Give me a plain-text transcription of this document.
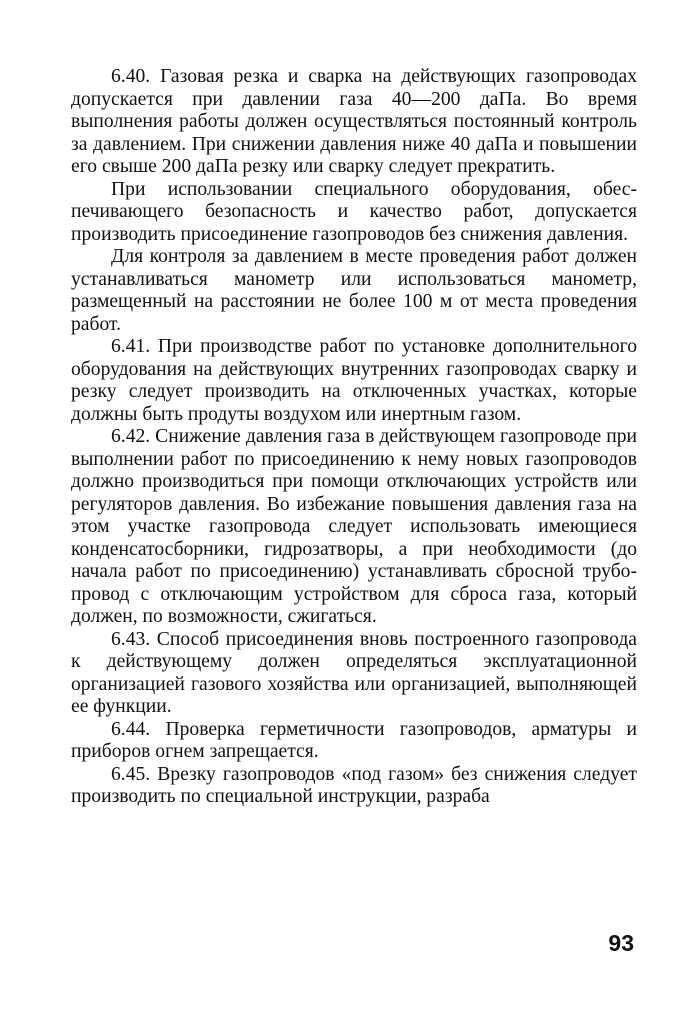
6.40. Газовая резка и сварка на действующих газопроводах допускается при давлении газа 40—200 даПа. Во время выполнения работы должен осуществляться постоянный контроль за давлением. При снижении давления ниже 40 даПа и повышении его свыше 200 даПа резку или сварку следует прекратить.

При использовании специального оборудования, обеспечивающего безопасность и качество работ, допускается производить присоединение газопроводов без снижения давления.

Для контроля за давлением в месте проведения работ должен устанавливаться манометр или использоваться манометр, размещенный на расстоянии не более 100 м от места проведения работ.

6.41. При производстве работ по установке дополнительного оборудования на действующих внутренних газопроводах сварку и резку следует производить на отключенных участках, которые должны быть продуты воздухом или инертным газом.

6.42. Снижение давления газа в действующем газопроводе при выполнении работ по присоединению к нему новых газопроводов должно производиться при помощи отключающих устройств или регуляторов давления. Во избежание повышения давления газа на этом участке газопровода следует использовать имеющиеся конденсатосборники, гидрозатворы, а при необходимости (до начала работ по присоединению) устанавливать сбросной трубопровод с отключающим устройством для сброса газа, который должен, по возможности, сжигаться.

6.43. Способ присоединения вновь построенного газопровода к действующему должен определяться эксплуатационной организацией газового хозяйства или организацией, выполняющей ее функции.

6.44. Проверка герметичности газопроводов, арматуры и приборов огнем запрещается.

6.45. Врезку газопроводов «под газом» без снижения следует производить по специальной инструкции, разраба

93
